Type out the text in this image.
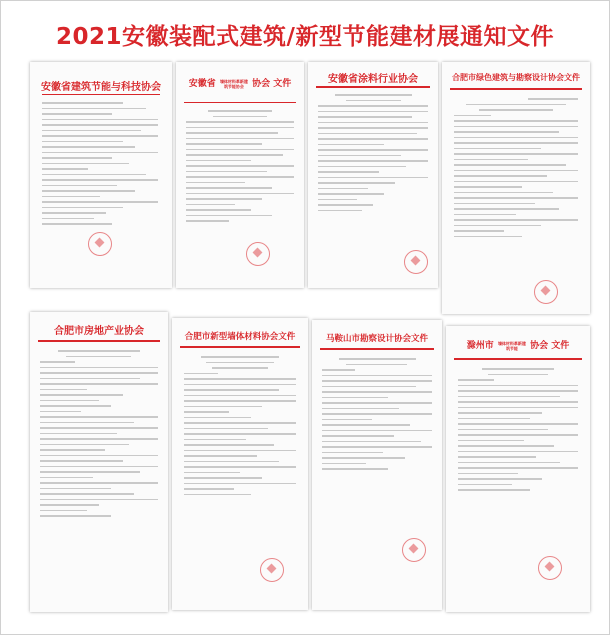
2021安徽装配式建筑/新型节能建材展通知文件
安徽省建筑节能与科技协会	安徽省 墙体材料革新建筑节能协会 协会 文件	安徽省涂料行业协会	合肥市绿色建筑与勘察设计协会文件
合肥市房地产业协会	合肥市新型墙体材料协会文件	马鞍山市勘察设计协会文件
滁州市 墙体材料革新建筑节能 协会 文件
